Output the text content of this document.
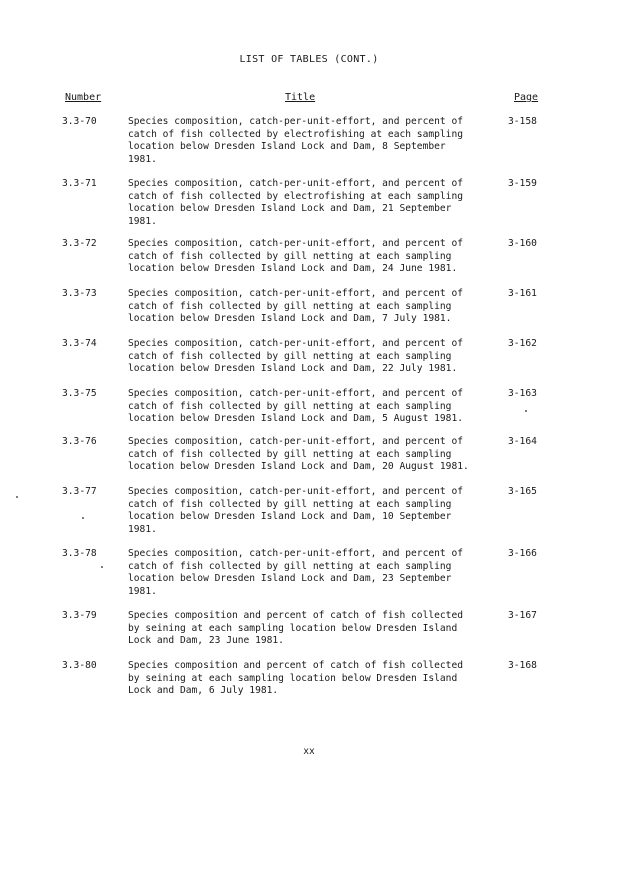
LIST OF TABLES (CONT.)
Number	Title	Page
3.3-70	Species composition, catch-per-unit-effort, and percent of
catch of fish collected by electrofishing at each sampling
location below Dresden Island Lock and Dam, 8 September
1981.
3-158
3.3-71	Species composition, catch-per-unit-effort, and percent of
catch of fish collected by electrofishing at each sampling
location below Dresden Island Lock and Dam, 21 September
1981.
3-159
3.3-72	Species composition, catch-per-unit-effort, and percent of
catch of fish collected by gill netting at each sampling
location below Dresden Island Lock and Dam, 24 June 1981.
3-160
3.3-73	Species composition, catch-per-unit-effort, and percent of
catch of fish collected by gill netting at each sampling
location below Dresden Island Lock and Dam, 7 July 1981.
3-161
3.3-74	Species composition, catch-per-unit-effort, and percent of
catch of fish collected by gill netting at each sampling
location below Dresden Island Lock and Dam, 22 July 1981.
3-162
3.3-75	Species composition, catch-per-unit-effort, and percent of
catch of fish collected by gill netting at each sampling
location below Dresden Island Lock and Dam, 5 August 1981.
3-163
3.3-76	Species composition, catch-per-unit-effort, and percent of
catch of fish collected by gill netting at each sampling
location below Dresden Island Lock and Dam, 20 August 1981.
3-164
3.3-77	Species composition, catch-per-unit-effort, and percent of
catch of fish collected by gill netting at each sampling
location below Dresden Island Lock and Dam, 10 September
1981.
3-165
3.3-78	Species composition, catch-per-unit-effort, and percent of
catch of fish collected by gill netting at each sampling
location below Dresden Island Lock and Dam, 23 September
1981.
3-166
3.3-79	Species composition and percent of catch of fish collected
by seining at each sampling location below Dresden Island
Lock and Dam, 23 June 1981.
3-167
3.3-80	Species composition and percent of catch of fish collected
by seining at each sampling location below Dresden Island
Lock and Dam, 6 July 1981.
3-168
xx
